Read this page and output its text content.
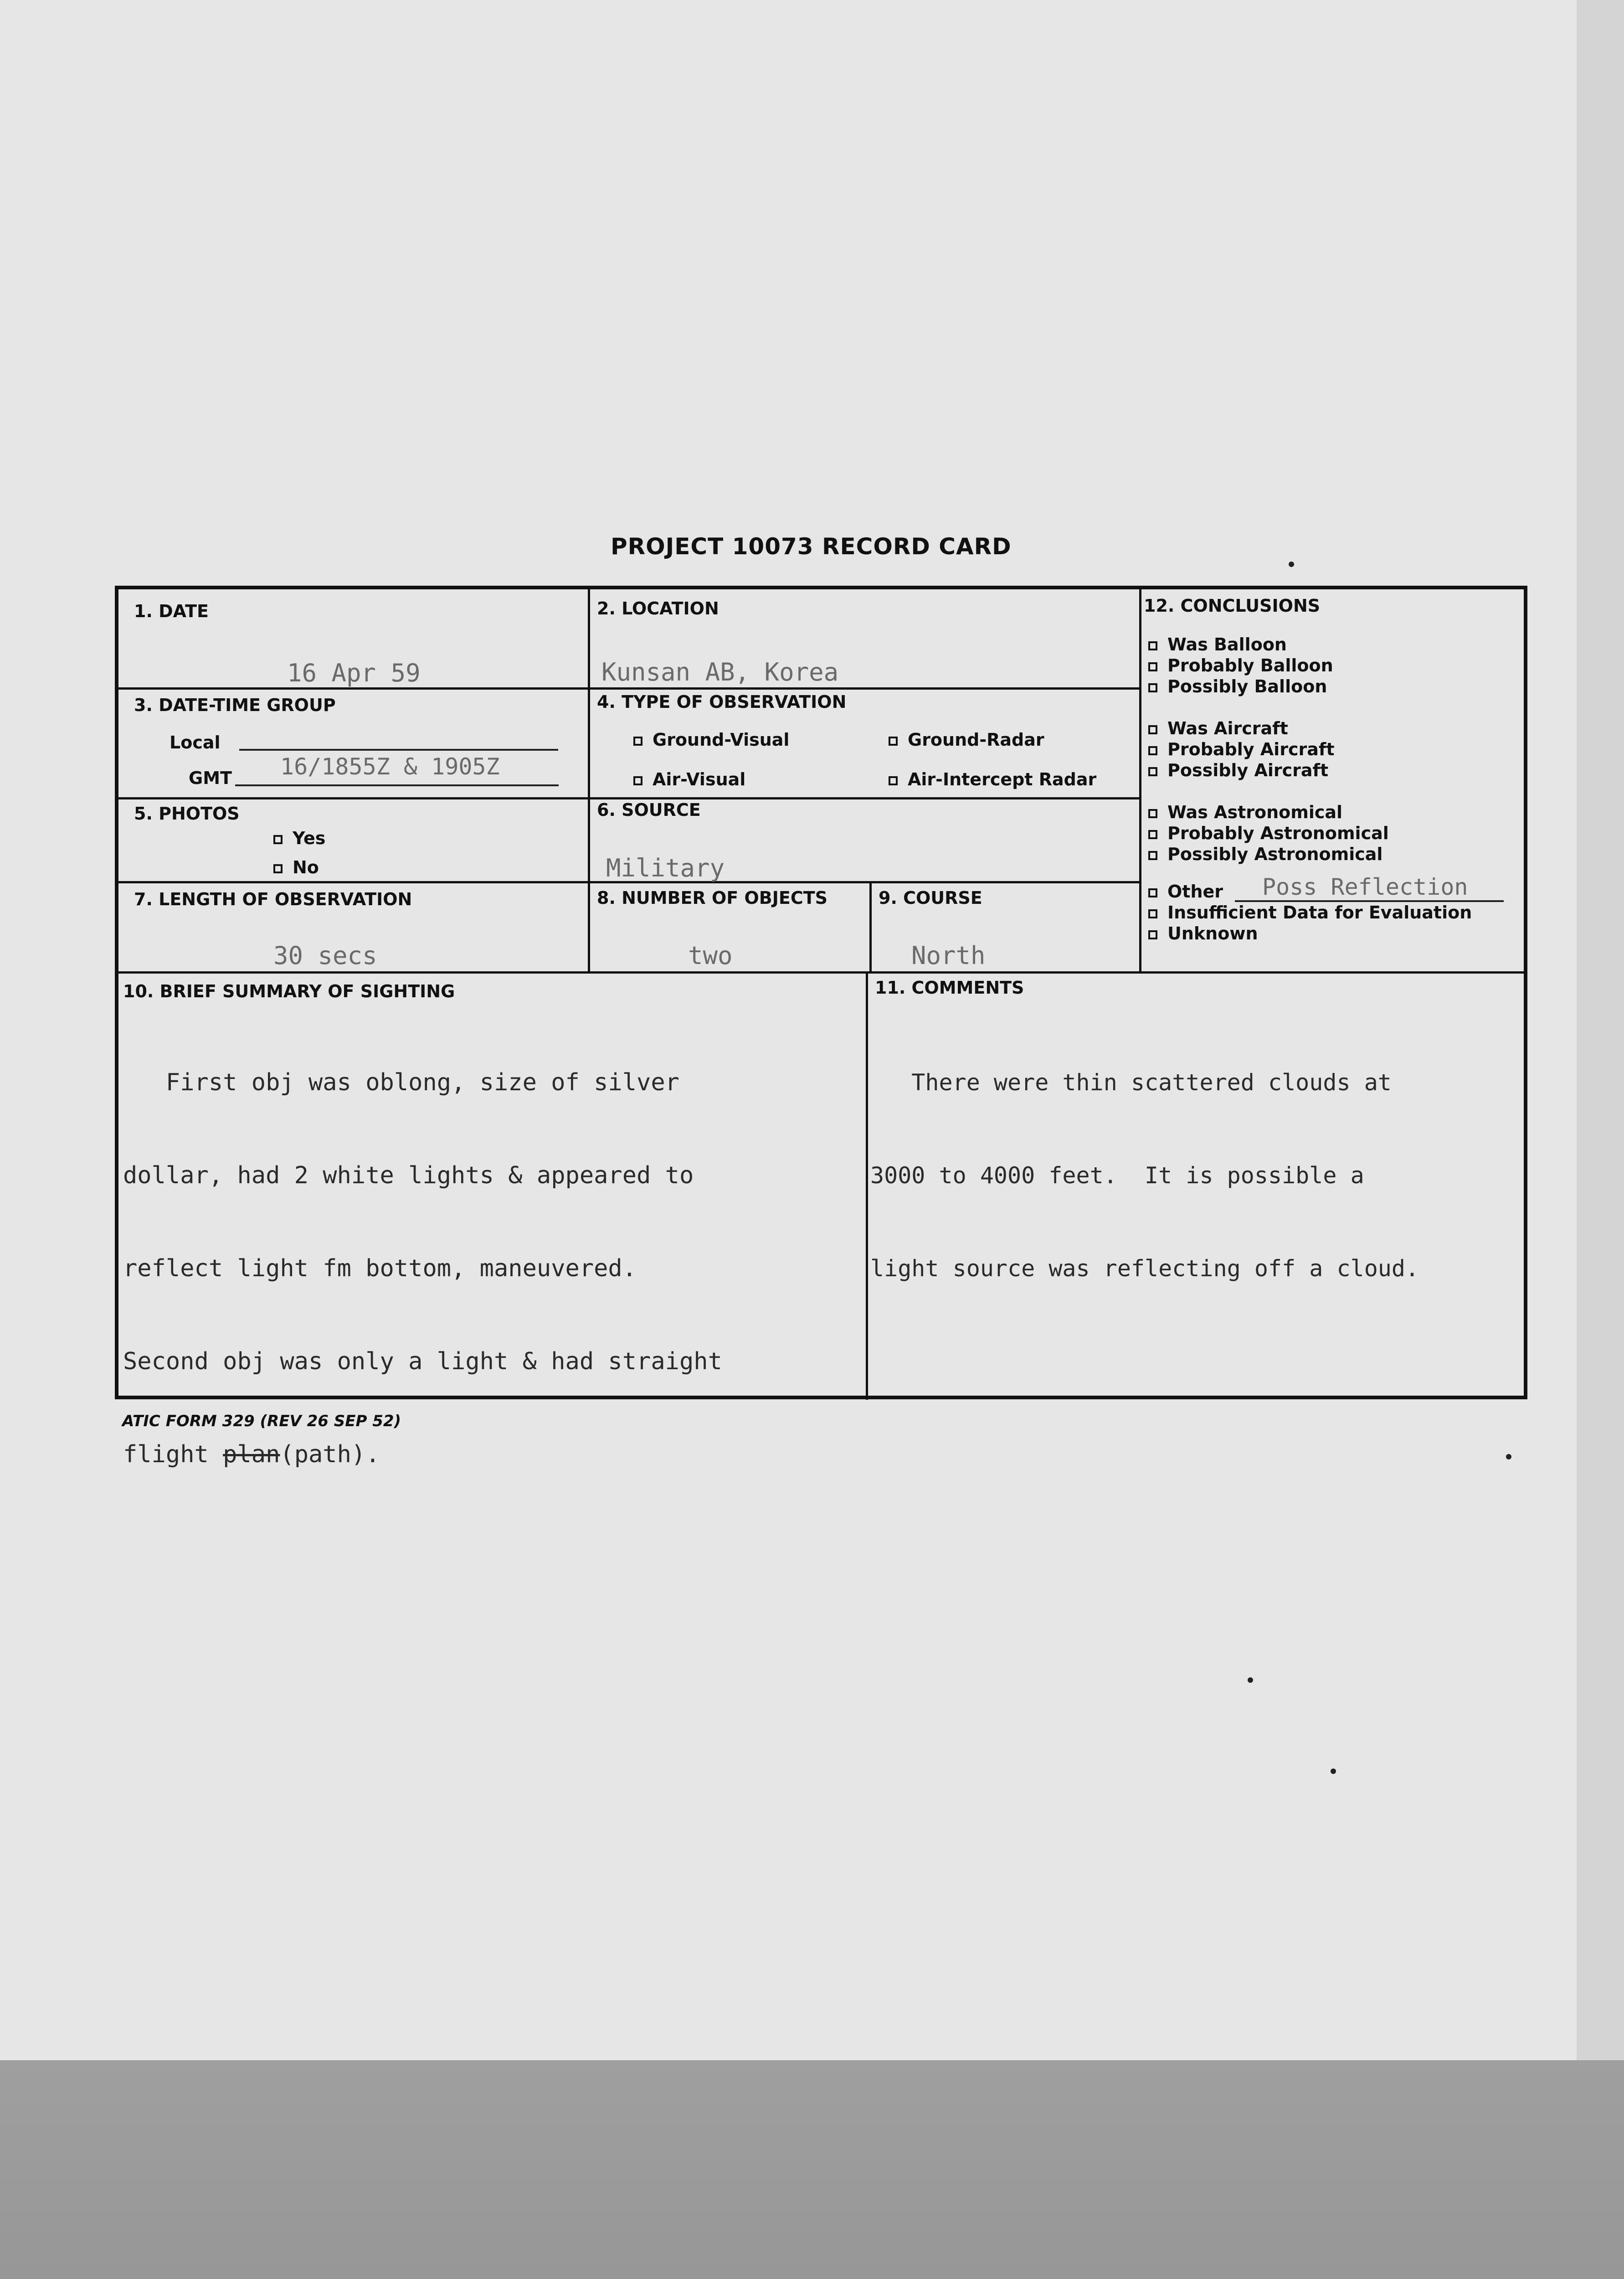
PROJECT 10073 RECORD CARD
1. DATE
16 Apr 59
2. LOCATION
Kunsan AB, Korea
3. DATE-TIME GROUP
Local
GMT 16/1855Z & 1905Z
4. TYPE OF OBSERVATION
Ground-Visual	Ground-Radar
Air-Visual	Air-Intercept Radar
5. PHOTOS
Yes
No
6. SOURCE
Military
7. LENGTH OF OBSERVATION
30 secs
8. NUMBER OF OBJECTS
two
9. COURSE
North
12. CONCLUSIONS
Was Balloon
Probably Balloon
Possibly Balloon
Was Aircraft
Probably Aircraft
Possibly Aircraft
Was Astronomical
Probably Astronomical
Possibly Astronomical
Other Poss Reflection
Insufficient Data for Evaluation
Unknown
10. BRIEF SUMMARY OF SIGHTING

First obj was oblong, size of silver

dollar, had 2 white lights & appeared to

reflect light fm bottom, maneuvered.

Second obj was only a light & had straight

flight plan(path).

11. COMMENTS

There were thin scattered clouds at

3000 to 4000 feet.  It is possible a

light source was reflecting off a cloud.

ATIC FORM 329 (REV 26 SEP 52)
